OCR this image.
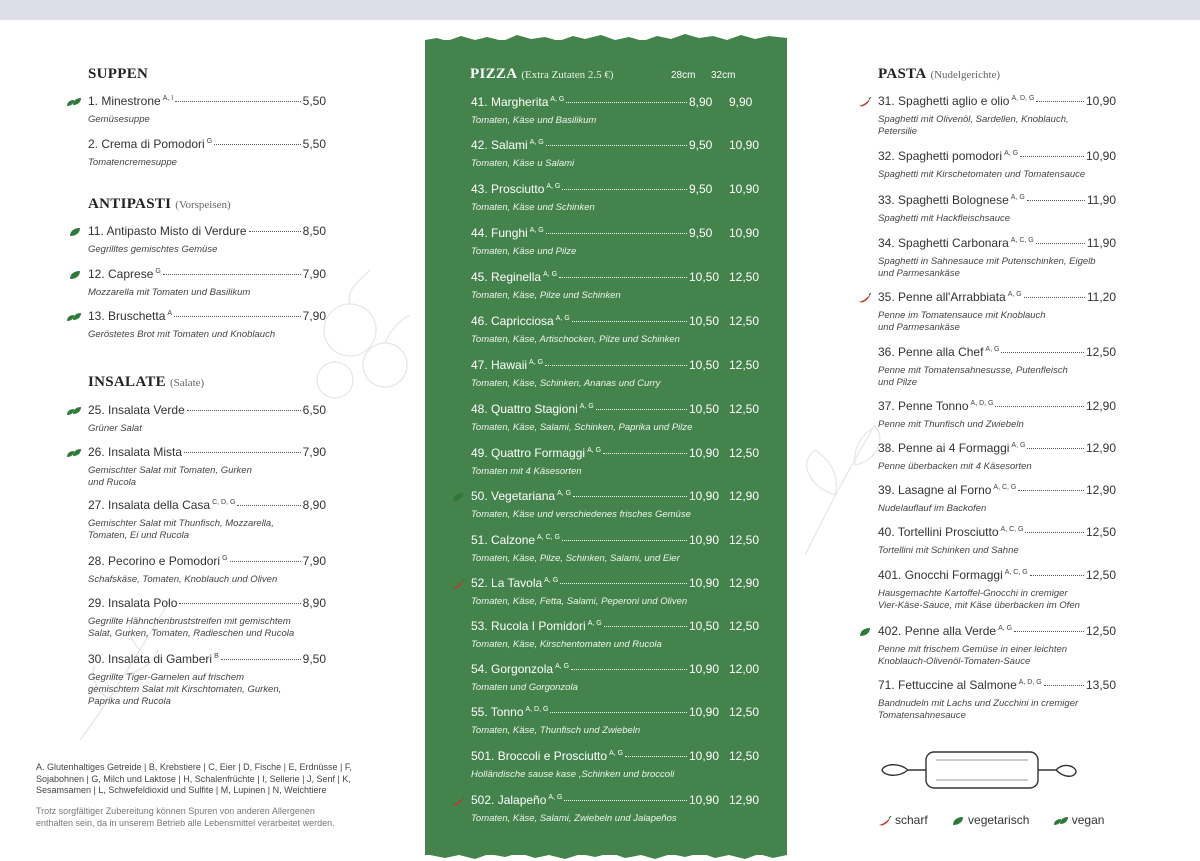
SUPPEN
1. Minestrone $^{A, I}$	5,50
Gemüsesuppe
2. Crema di Pomodori $^G$	5,50
Tomatencremesuppe
ANTIPASTI (Vorspeisen)
11. Antipasto Misto di Verdure	8,50
Gegrilltes gemischtes Gemüse
12. Caprese $^G$	7,90
Mozzarella mit Tomaten und Basilikum
13. Bruschetta $^A$	7,90
Geröstetes Brot mit Tomaten und Knoblauch
INSALATE (Salate)
25. Insalata Verde	6,50
Grüner Salat
26. Insalata Mista	7,90
Gemischter Salat mit Tomaten, Gurken
und Rucola
27. Insalata della Casa $^{C, D, G}$	8,90
Gemischter Salat mit Thunfisch, Mozzarella,
Tomaten, Ei und Rucola
28. Pecorino e Pomodori $^G$	7,90
Schafskäse, Tomaten, Knoblauch und Oliven
29. Insalata Polo	8,90
Gegrillte Hähnchenbruststreifen mit gemischtem
Salat, Gurken, Tomaten, Radieschen und Rucola
30. Insalata di Gamberi $^B$	9,50
Gegrillte Tiger-Garnelen auf frischem
gemischtem Salat mit Kirschtomaten, Gurken,
Paprika und Rucola
A. Glutenhaltiges Getreide | B, Krebstiere | C, Eier | D, Fische | E, Erdnüsse | F,
Sojabohnen | G, Milch und Laktose | H, Schalenfrüchte | I, Sellerie | J, Senf | K,
Sesamsamen | L, Schwefeldioxid und Sulfite | M, Lupinen | N, Weichtiere
Trotz sorgfältiger Zubereitung können Spuren von anderen Allergenen
enthalten sein, da in unserem Betrieb alle Lebensmittel verarbeitet werden.
PIZZA (Extra Zutaten 2.5 €)	28cm 32cm
41. Margherita $^{A, G}$	8,90	9,90
Tomaten, Käse und Basilikum
42. Salami $^{A, G}$	9,50	10,90
Tomaten, Käse и Salami
43. Prosciutto $^{A, G}$	9,50	10,90
Tomaten, Käse und Schinken
44. Funghi $^{A, G}$	9,50	10,90
Tomaten, Käse und Pilze
45. Reginella $^{A, G}$	10,50 12,50
Tomaten, Käse, Pilze und Schinken
46. Capricciosa $^{A, G}$	10,50 12,50
Tomaten, Käse, Artischocken, Pilze und Schinken
47. Hawaii $^{A, G}$	10,50 12,50
Tomaten, Käse, Schinken, Ananas und Curry
48. Quattro Stagioni $^{A, G}$	10,50 12,50
Tomaten, Käse, Salami, Schinken, Paprika und Pilze
49. Quattro Formaggi $^{A, G}$	10,90 12,50
Tomaten mit 4 Käsesorten
50. Vegetariana $^{A, G}$	10,90 12,90
Tomaten, Käse und verschiedenes frisches Gemüse
51. Calzone $^{A, C, G}$	10,90 12,50
Tomaten, Käse, Pilze, Schinken, Salami, und Eier
52. La Tavola $^{A, G}$	10,90 12,90
Tomaten, Käse, Fetta, Salami, Peperoni und Oliven
53. Rucola I Pomidori $^{A, G}$	10,50 12,50
Tomaten, Käse, Kirschentomaten und Rucola
54. Gorgonzola $^{A, G}$	10,90 12,00
Tomaten und Gorgonzola
55. Tonno $^{A, D, G}$	10,90 12,50
Tomaten, Käse, Thunfisch und Zwiebeln
501. Broccoli e Prosciutto $^{A, G}$	10,90 12,50
Holländische sause kase ,Schinken und broccoli
502. Jalapeño $^{A, G}$	10,90 12,90
Tomaten, Käse, Salami, Zwiebeln und Jalapeños
PASTA (Nudelgerichte)
31. Spaghetti aglio e olio $^{A, D, G}$	10,90
Spaghetti mit Olivenöl, Sardellen, Knoblauch,
Petersilie
32. Spaghetti pomodori $^{A, G}$	10,90
Spaghetti mit Kirschetomaten und Tomatensauce
33. Spaghetti Bolognese $^{A, G}$	11,90
Spaghetti mit Hackfleischsauce
34. Spaghetti Carbonara $^{A, C, G}$	11,90
Spaghetti in Sahnesauce mit Putenschinken, Eigelb
und Parmesankäse
35. Penne all'Arrabbiata $^{A, G}$	11,20
Penne im Tomatensauce mit Knoblauch
und Parmesankäse
36. Penne alla Chef $^{A, G}$	12,50
Penne mit Tomatensahnesusse, Putenfleisch
und Pilze
37. Penne Tonno $^{A, D, G}$	12,90
Penne mit Thunfisch und Zwiebeln
38. Penne ai 4 Formaggi $^{A, G}$	12,90
Penne überbacken mit 4 Käsesorten
39. Lasagne al Forno $^{A, C, G}$	12,90
Nudelauflauf im Backofen
40. Tortellini Prosciutto $^{A, C, G}$	12,50
Tortellini mit Schinken und Sahne
401. Gnocchi Formaggi $^{A, C, G}$	12,50
Hausgemachte Kartoffel-Gnocchi in cremiger
Vier-Käse-Sauce, mit Käse überbacken im Ofen
402. Penne alla Verde $^{A, G}$	12,50
Penne mit frischem Gemüse in einer leichten
Knoblauch-Olivenöl-Tomaten-Sauce
71. Fettuccine al Salmone $^{A, D, G}$	13,50
Bandnudeln mit Lachs und Zucchini in cremiger
Tomatensahnesauce
scharf	vegetarisch	vegan
